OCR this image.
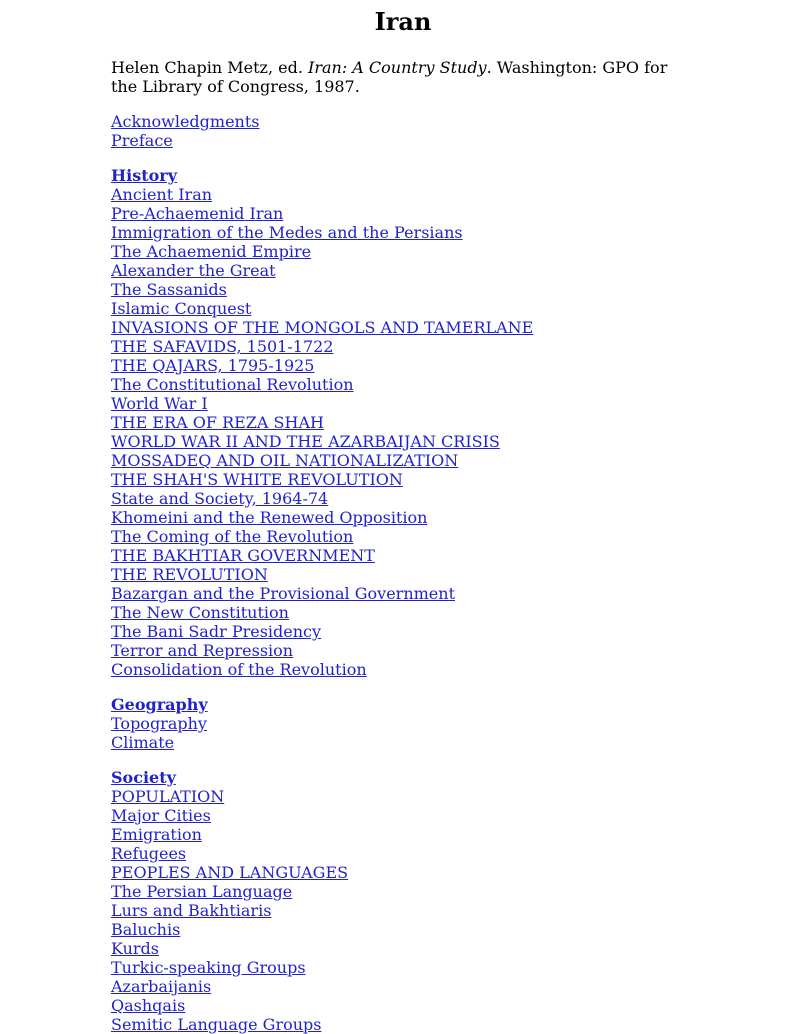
Iran

Helen Chapin Metz, ed. Iran: A Country Study. Washington: GPO for the Library of Congress, 1987.

Acknowledgments
Preface
History
Ancient Iran
Pre-Achaemenid Iran
Immigration of the Medes and the Persians
The Achaemenid Empire
Alexander the Great
The Sassanids
Islamic Conquest
INVASIONS OF THE MONGOLS AND TAMERLANE
THE SAFAVIDS, 1501-1722
THE QAJARS, 1795-1925
The Constitutional Revolution
World War I
THE ERA OF REZA SHAH
WORLD WAR II AND THE AZARBAIJAN CRISIS
MOSSADEQ AND OIL NATIONALIZATION
THE SHAH'S WHITE REVOLUTION
State and Society, 1964-74
Khomeini and the Renewed Opposition
The Coming of the Revolution
THE BAKHTIAR GOVERNMENT
THE REVOLUTION
Bazargan and the Provisional Government
The New Constitution
The Bani Sadr Presidency
Terror and Repression
Consolidation of the Revolution
Geography
Topography
Climate
Society
POPULATION
Major Cities
Emigration
Refugees
PEOPLES AND LANGUAGES
The Persian Language
Lurs and Bakhtiaris
Baluchis
Kurds
Turkic-speaking Groups
Azarbaijanis
Qashqais
Semitic Language Groups
